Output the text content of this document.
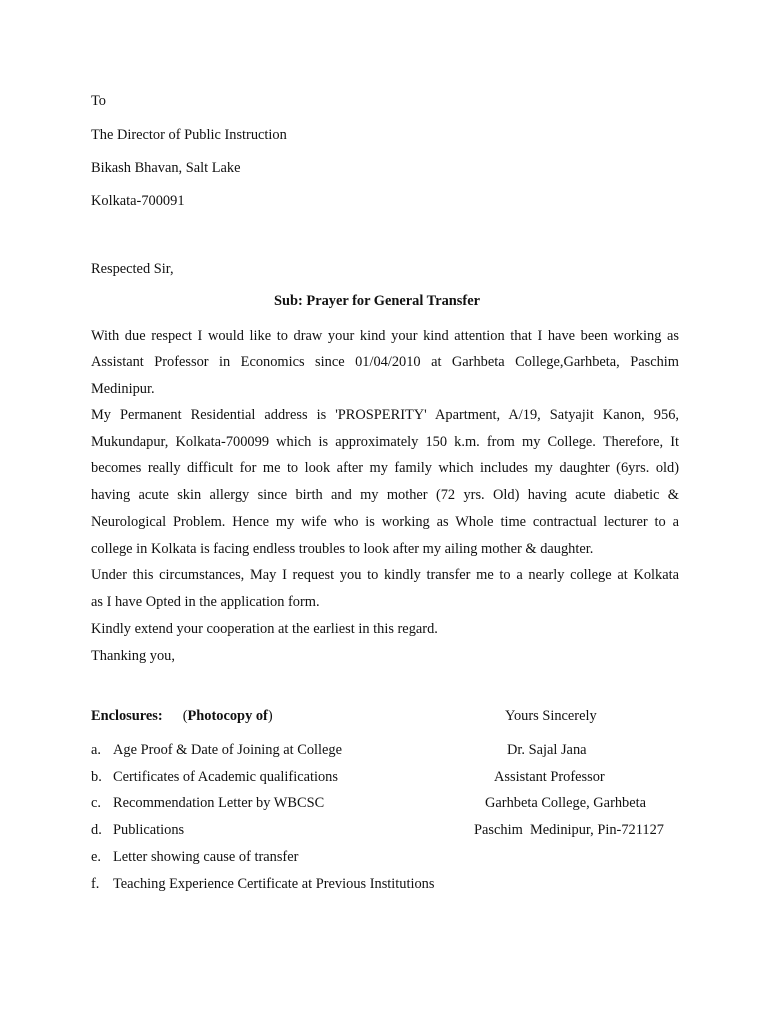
To
The Director of Public Instruction
Bikash Bhavan, Salt Lake
Kolkata-700091
Respected Sir,
Sub: Prayer for General Transfer
With due respect I would like to draw your kind your kind attention that I have been working as
Assistant Professor in Economics since 01/04/2010 at Garhbeta College,Garhbeta, Paschim
Medinipur.
My Permanent Residential address is 'PROSPERITY' Apartment, A/19, Satyajit Kanon, 956,
Mukundapur, Kolkata-700099 which is approximately 150 k.m. from my College. Therefore, It
becomes really difficult for me to look after my family which includes my daughter (6yrs. old)
having acute skin allergy since birth and my mother (72 yrs. Old) having acute diabetic &
Neurological Problem. Hence my wife who is working as Whole time contractual lecturer to a
college in Kolkata is facing endless troubles to look after my ailing mother & daughter.
Under this circumstances, May I request you to kindly transfer me to a nearly college at Kolkata
as I have Opted in the application form.
Kindly extend your cooperation at the earliest in this regard.
Thanking you,
Enclosures: (Photocopy of)
a. Age Proof & Date of Joining at College
b. Certificates of Academic qualifications
c. Recommendation Letter by WBCSC
d. Publications
e. Letter showing cause of transfer
f. Teaching Experience Certificate at Previous Institutions
Yours Sincerely
Dr. Sajal Jana
Assistant Professor
Garhbeta College, Garhbeta
Paschim  Medinipur, Pin-721127
